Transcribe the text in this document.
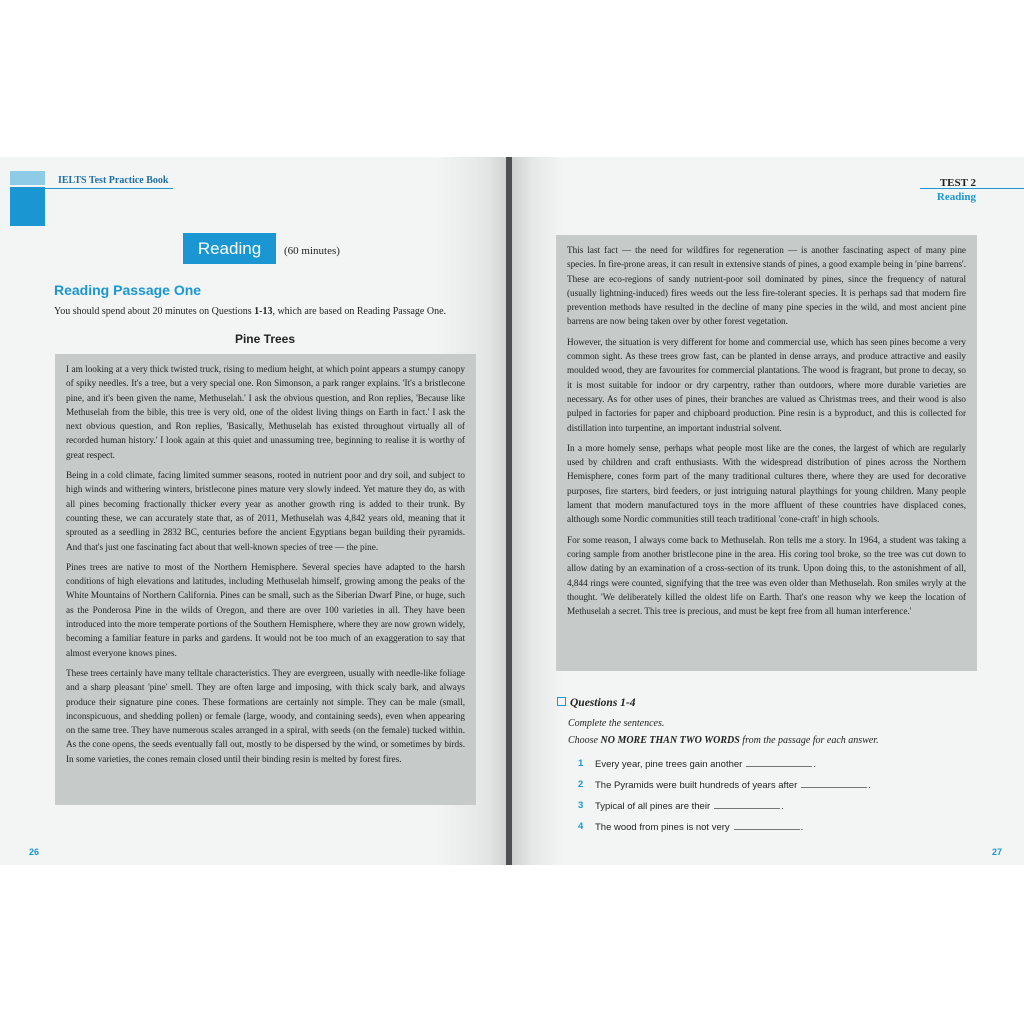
IELTS Test Practice Book
Reading	(60 minutes)
Reading Passage One
You should spend about 20 minutes on Questions 1-13, which are based on Reading Passage One.
Pine Trees

I am looking at a very thick twisted truck, rising to medium height, at which point appears a stumpy canopy of spiky needles. It's a tree, but a very special one. Ron Simonson, a park ranger explains. 'It's a bristlecone pine, and it's been given the name, Methuselah.' I ask the obvious question, and Ron replies, 'Because like Methuselah from the bible, this tree is very old, one of the oldest living things on Earth in fact.' I ask the next obvious question, and Ron replies, 'Basically, Methuselah has existed throughout virtually all of recorded human history.' I look again at this quiet and unassuming tree, beginning to realise it is worthy of great respect.

Being in a cold climate, facing limited summer seasons, rooted in nutrient poor and dry soil, and subject to high winds and withering winters, bristlecone pines mature very slowly indeed. Yet mature they do, as with all pines becoming fractionally thicker every year as another growth ring is added to their trunk. By counting these, we can accurately state that, as of 2011, Methuselah was 4,842 years old, meaning that it sprouted as a seedling in 2832 BC, centuries before the ancient Egyptians began building their pyramids. And that's just one fascinating fact about that well-known species of tree — the pine.

Pines trees are native to most of the Northern Hemisphere. Several species have adapted to the harsh conditions of high elevations and latitudes, including Methuselah himself, growing among the peaks of the White Mountains of Northern California. Pines can be small, such as the Siberian Dwarf Pine, or huge, such as the Ponderosa Pine in the wilds of Oregon, and there are over 100 varieties in all. They have been introduced into the more temperate portions of the Southern Hemisphere, where they are now grown widely, becoming a familiar feature in parks and gardens. It would not be too much of an exaggeration to say that almost everyone knows pines.

These trees certainly have many telltale characteristics. They are evergreen, usually with needle-like foliage and a sharp pleasant 'pine' smell. They are often large and imposing, with thick scaly bark, and always produce their signature pine cones. These formations are certainly not simple. They can be male (small, inconspicuous, and shedding pollen) or female (large, woody, and containing seeds), even when appearing on the same tree. They have numerous scales arranged in a spiral, with seeds (on the female) tucked within. As the cone opens, the seeds eventually fall out, mostly to be dispersed by the wind, or sometimes by birds. In some varieties, the cones remain closed until their binding resin is melted by forest fires.

26
TEST 2
Reading

This last fact — the need for wildfires for regeneration — is another fascinating aspect of many pine species. In fire-prone areas, it can result in extensive stands of pines, a good example being in 'pine barrens'. These are eco-regions of sandy nutrient-poor soil dominated by pines, since the frequency of natural (usually lightning-induced) fires weeds out the less fire-tolerant species. It is perhaps sad that modern fire prevention methods have resulted in the decline of many pine species in the wild, and most ancient pine barrens are now being taken over by other forest vegetation.

However, the situation is very different for home and commercial use, which has seen pines become a very common sight. As these trees grow fast, can be planted in dense arrays, and produce attractive and easily moulded wood, they are favourites for commercial plantations. The wood is fragrant, but prone to decay, so it is most suitable for indoor or dry carpentry, rather than outdoors, where more durable varieties are necessary. As for other uses of pines, their branches are valued as Christmas trees, and their wood is also pulped in factories for paper and chipboard production. Pine resin is a byproduct, and this is collected for distillation into turpentine, an important industrial solvent.

In a more homely sense, perhaps what people most like are the cones, the largest of which are regularly used by children and craft enthusiasts. With the widespread distribution of pines across the Northern Hemisphere, cones form part of the many traditional cultures there, where they are used for decorative purposes, fire starters, bird feeders, or just intriguing natural playthings for young children. Many people lament that modern manufactured toys in the more affluent of these countries have displaced cones, although some Nordic communities still teach traditional 'cone-craft' in high schools.

For some reason, I always come back to Methuselah. Ron tells me a story. In 1964, a student was taking a coring sample from another bristlecone pine in the area. His coring tool broke, so the tree was cut down to allow dating by an examination of a cross-section of its trunk. Upon doing this, to the astonishment of all, 4,844 rings were counted, signifying that the tree was even older than Methuselah. Ron smiles wryly at the thought. 'We deliberately killed the oldest life on Earth. That's one reason why we keep the location of Methuselah a secret. This tree is precious, and must be kept free from all human interference.'

Questions 1-4
Complete the sentences.
Choose NO MORE THAN TWO WORDS from the passage for each answer.
1	Every year, pine trees gain another	.
2	The Pyramids were built hundreds of years after	.
3	Typical of all pines are their	.
4	The wood from pines is not very	.
27
